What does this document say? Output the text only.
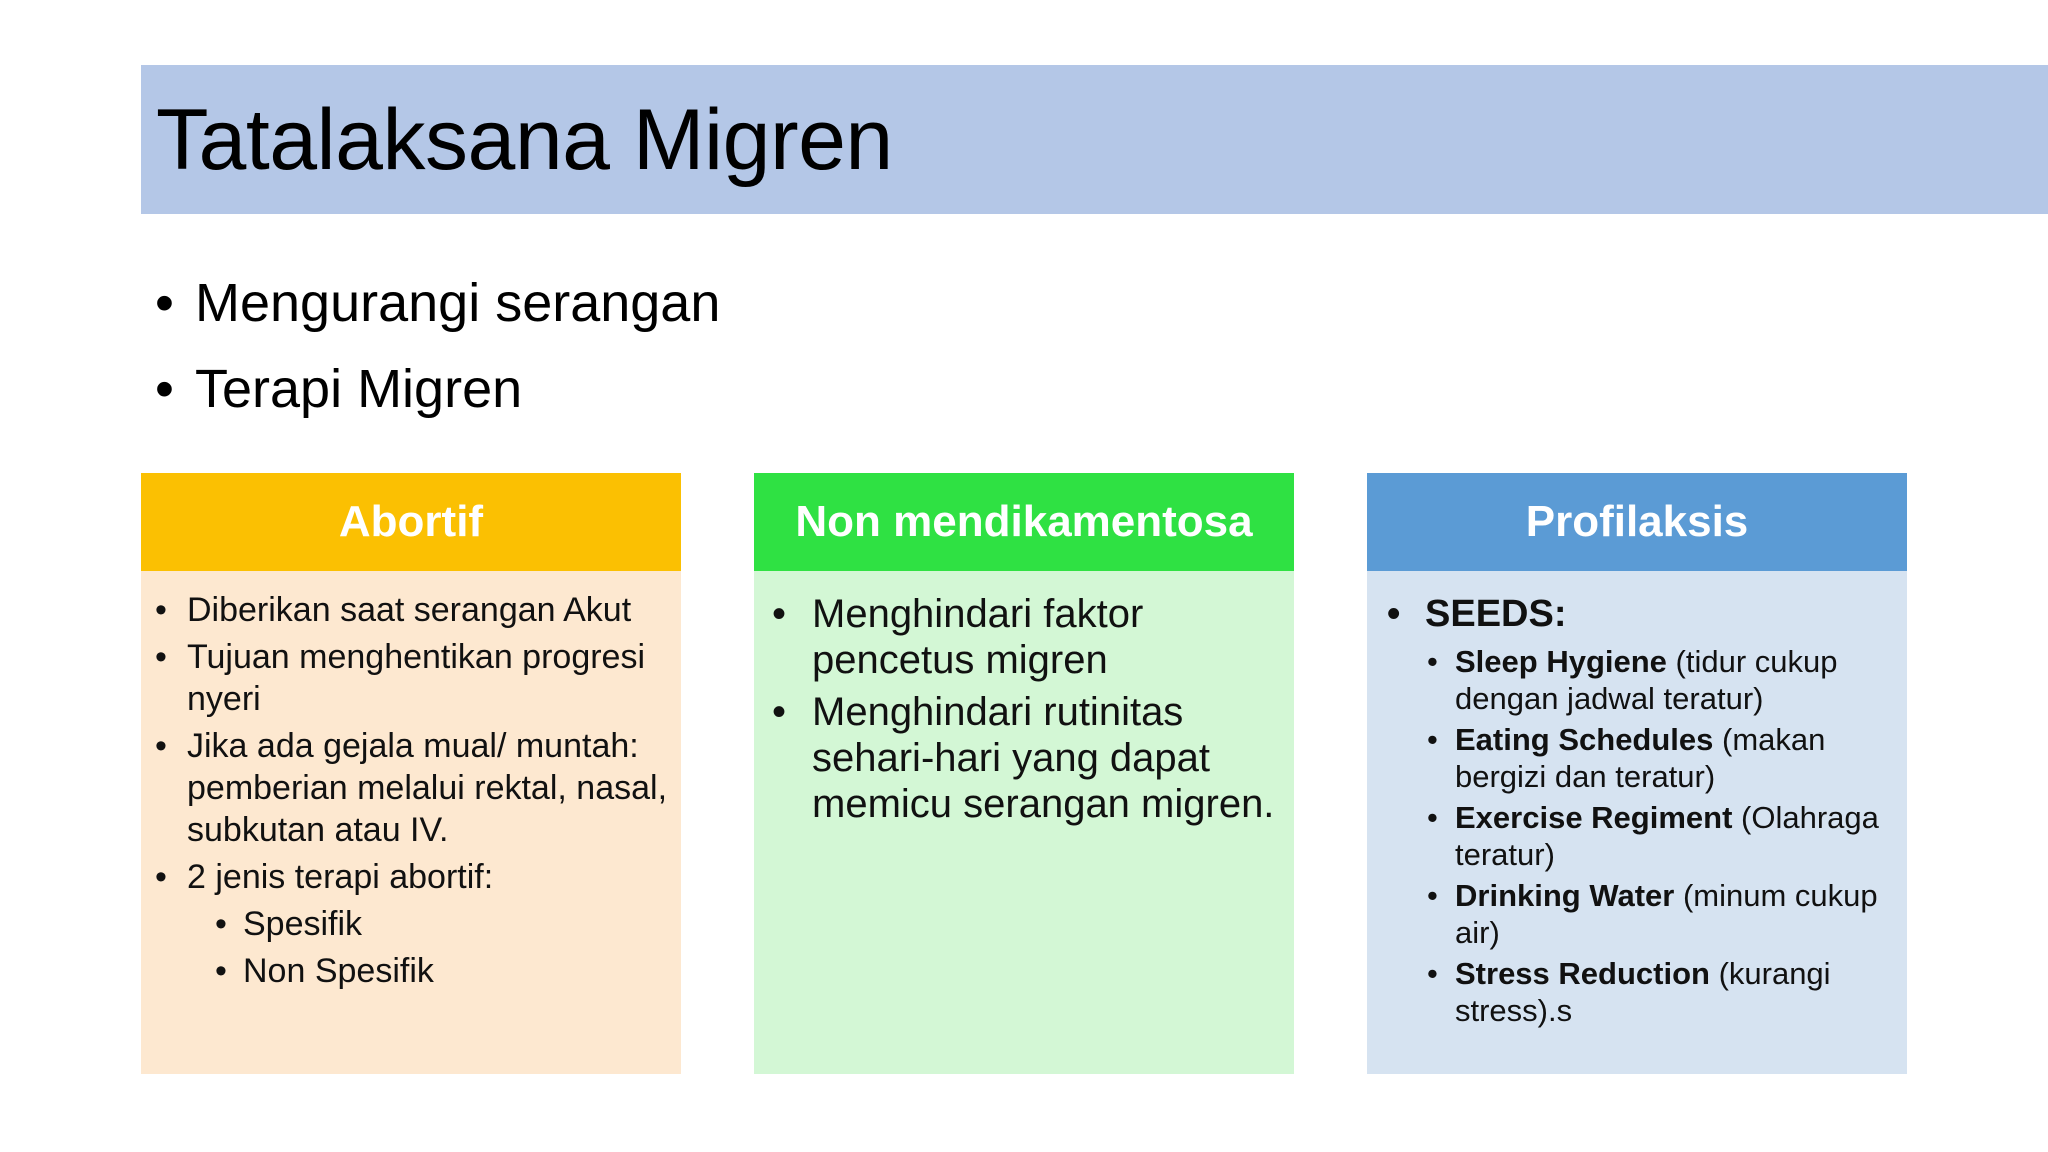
Tatalaksana Migren
• Mengurangi serangan
• Terapi Migren
Abortif
• Diberikan saat serangan Akut
• Tujuan menghentikan progresi nyeri
• Jika ada gejala mual/ muntah: pemberian melalui rektal, nasal, subkutan atau IV.
• 2 jenis terapi abortif:
• Spesifik
• Non Spesifik
Non mendikamentosa
• Menghindari faktor pencetus migren
• Menghindari rutinitas sehari-hari yang dapat memicu serangan migren.
Profilaksis
• SEEDS:
• Sleep Hygiene (tidur cukup dengan jadwal teratur)
• Eating Schedules (makan bergizi dan teratur)
• Exercise Regiment (Olahraga teratur)
• Drinking Water (minum cukup air)
• Stress Reduction (kurangi stress).s
